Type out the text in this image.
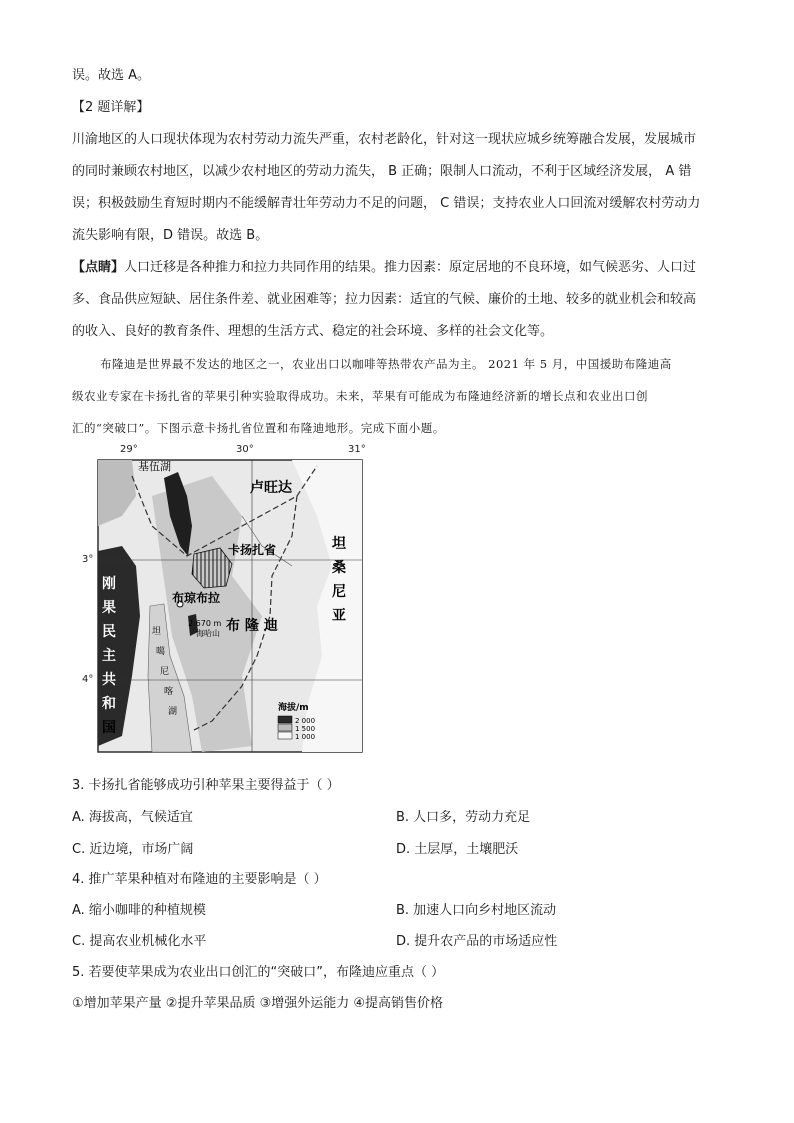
误。故选 A。
【2 题详解】
川渝地区的人口现状体现为农村劳动力流失严重，农村老龄化，针对这一现状应城乡统筹融合发展，发展城市
的同时兼顾农村地区，以减少农村地区的劳动力流失， B 正确；限制人口流动，不利于区域经济发展， A 错
误；积极鼓励生育短时期内不能缓解青壮年劳动力不足的问题， C 错误；支持农业人口回流对缓解农村劳动力
流失影响有限，D 错误。故选 B。
【点睛】人口迁移是各种推力和拉力共同作用的结果。推力因素：原定居地的不良环境，如气候恶劣、人口过
多、食品供应短缺、居住条件差、就业困难等；拉力因素：适宜的气候、廉价的土地、较多的就业机会和较高
的收入、良好的教育条件、理想的生活方式、稳定的社会环境、多样的社会文化等。
布隆迪是世界最不发达的地区之一，农业出口以咖啡等热带农产品为主。 2021 年 5 月，中国援助布隆迪高
级农业专家在卡扬扎省的苹果引种实验取得成功。未来，苹果有可能成为布隆迪经济新的增长点和农业出口创
汇的“突破口”。下图示意卡扬扎省位置和布隆迪地形。完成下面小题。
基伍湖
卢旺达
卡扬扎省
布琼布拉
布 隆 迪
2 670 m
海哈山
坦
桑
尼
亚
刚
果
民
主
共
和
国
坦
噶
尼
喀
湖	海拔/m
2 000
1 500
1 000
29°	30°	31°
3°
4°
3. 卡扬扎省能够成功引种苹果主要得益于（ ）
A. 海拔高，气候适宜	B. 人口多，劳动力充足
C. 近边境，市场广阔	D. 土层厚，土壤肥沃
4. 推广苹果种植对布隆迪的主要影响是（ ）
A. 缩小咖啡的种植规模	B. 加速人口向乡村地区流动
C. 提高农业机械化水平	D. 提升农产品的市场适应性
5. 若要使苹果成为农业出口创汇的“突破口”，布隆迪应重点（ ）
①增加苹果产量 ②提升苹果品质 ③增强外运能力 ④提高销售价格
